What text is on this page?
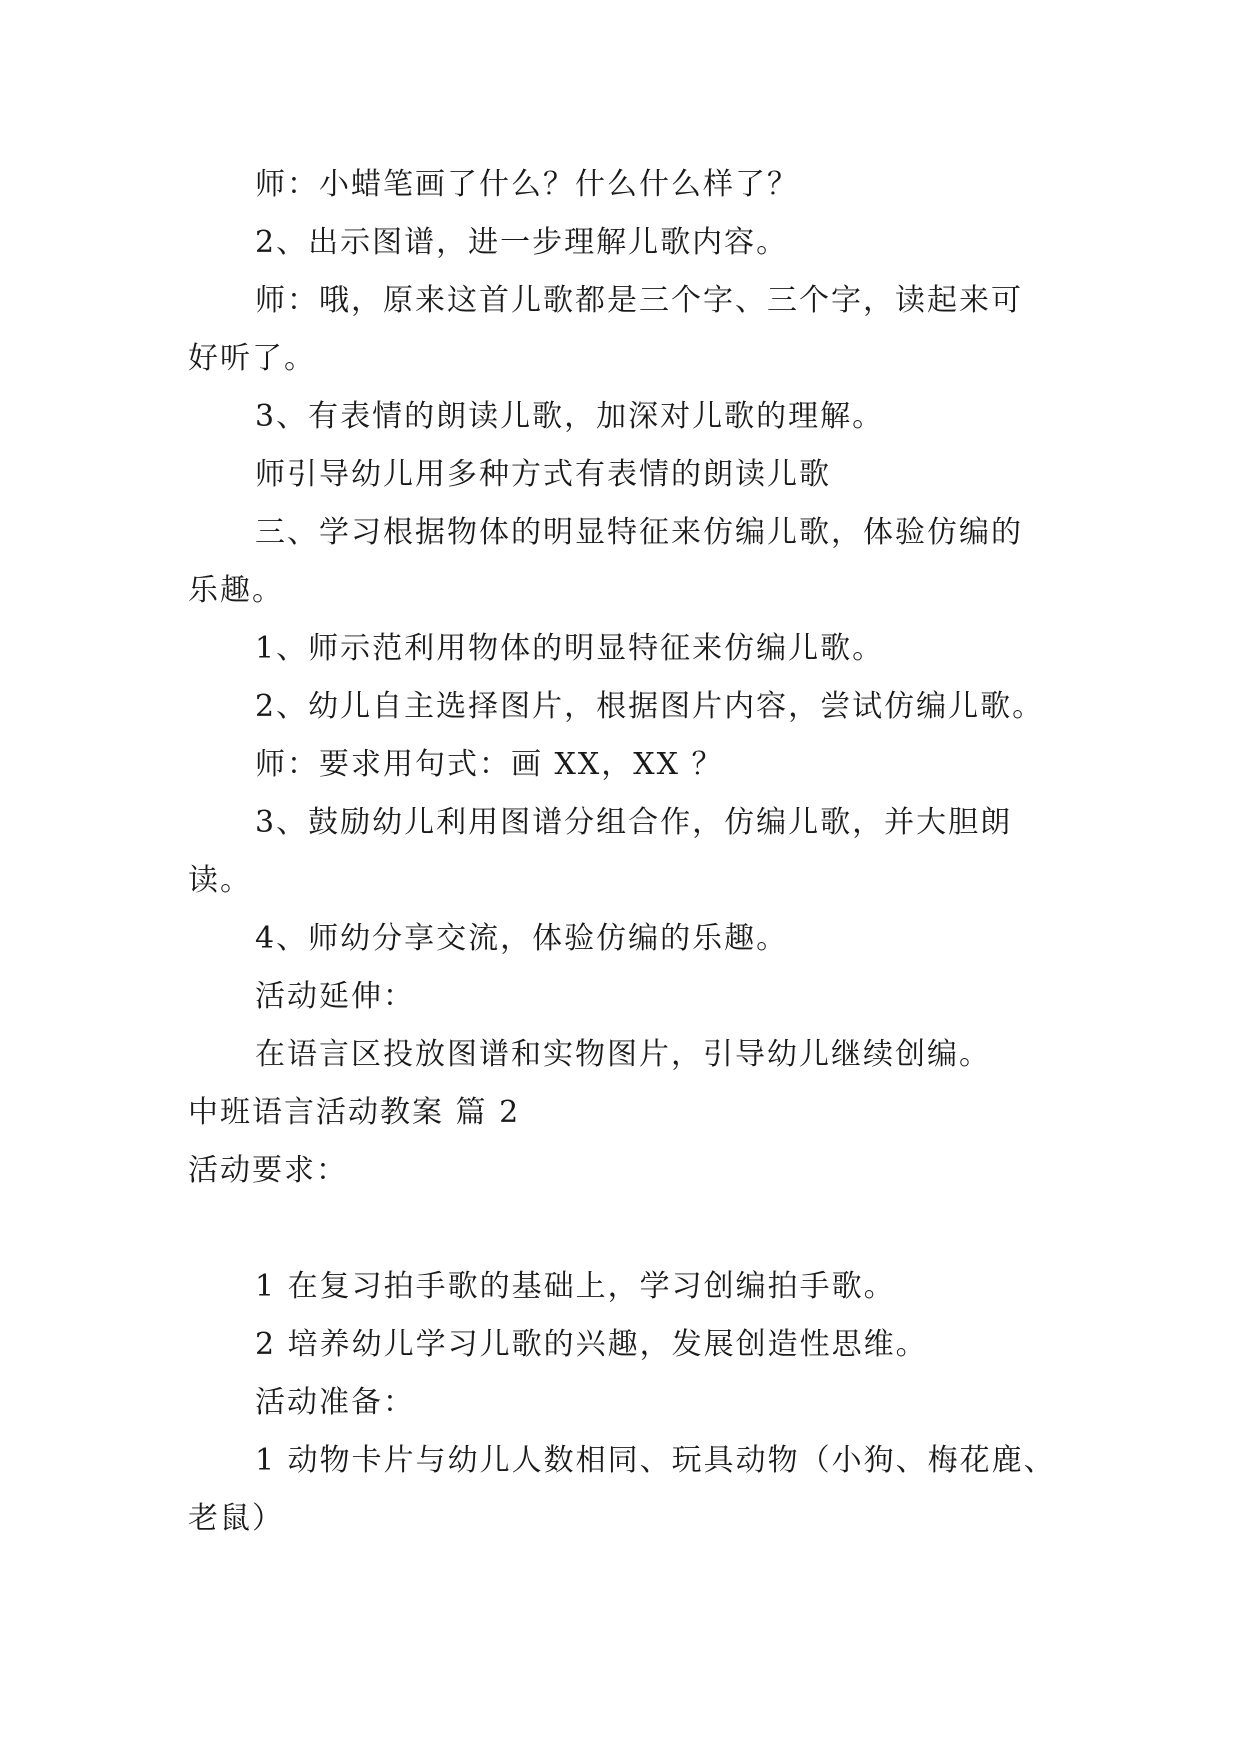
师：小蜡笔画了什么？什么什么样了？
2、出示图谱，进一步理解儿歌内容。
师：哦，原来这首儿歌都是三个字、三个字，读起来可
好听了。
3、有表情的朗读儿歌，加深对儿歌的理解。
师引导幼儿用多种方式有表情的朗读儿歌
三、学习根据物体的明显特征来仿编儿歌，体验仿编的
乐趣。
1、师示范利用物体的明显特征来仿编儿歌。
2、幼儿自主选择图片，根据图片内容，尝试仿编儿歌。
师：要求用句式：画 XX，XX ？
3、鼓励幼儿利用图谱分组合作，仿编儿歌，并大胆朗
读。
4、师幼分享交流，体验仿编的乐趣。
活动延伸：
在语言区投放图谱和实物图片，引导幼儿继续创编。
中班语言活动教案 篇 2
活动要求：
1 在复习拍手歌的基础上，学习创编拍手歌。
2 培养幼儿学习儿歌的兴趣，发展创造性思维。
活动准备：
1 动物卡片与幼儿人数相同、玩具动物（小狗、梅花鹿、
老鼠）
